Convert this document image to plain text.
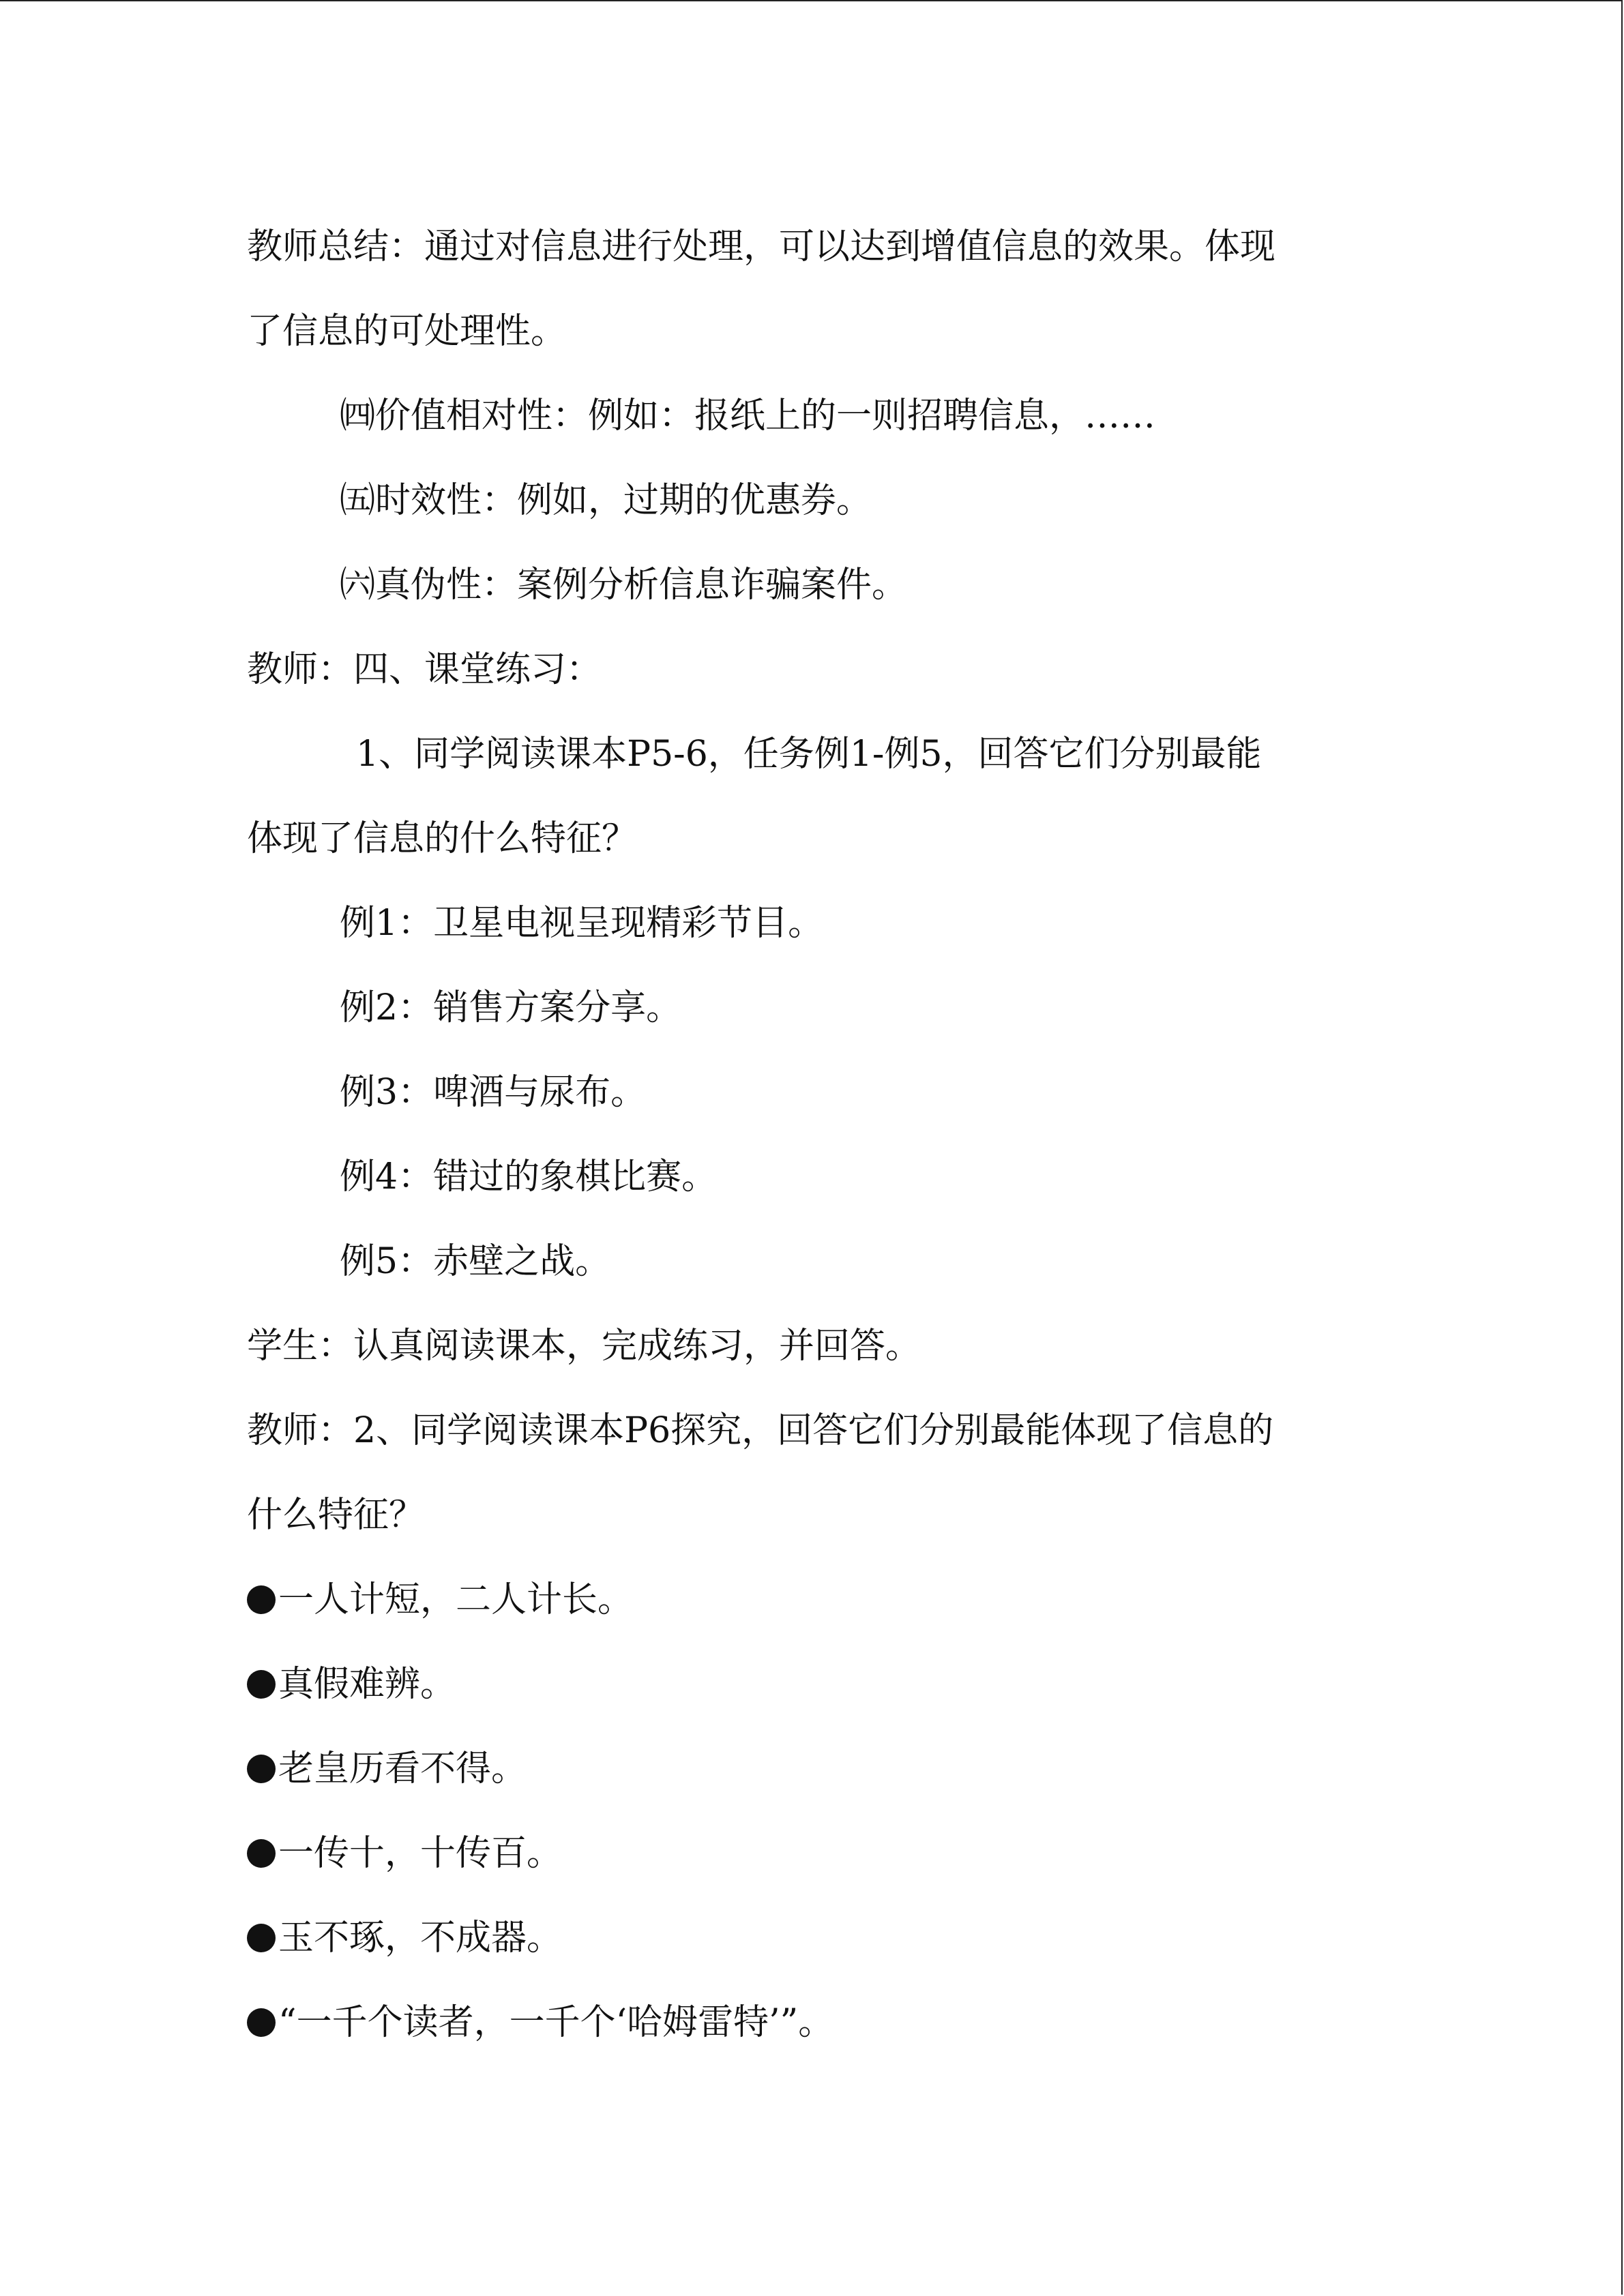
教师总结：通过对信息进行处理，可以达到增值信息的效果。体现
了信息的可处理性。
㈣价值相对性：例如：报纸上的一则招聘信息，……
㈤时效性：例如，过期的优惠券。
㈥真伪性：案例分析信息诈骗案件。
教师：四、课堂练习：
1、同学阅读课本P5-6，任务例1-例5，回答它们分别最能
体现了信息的什么特征？
例1：卫星电视呈现精彩节目。
例2：销售方案分享。
例3：啤酒与尿布。
例4：错过的象棋比赛。
例5：赤壁之战。
学生：认真阅读课本，完成练习，并回答。
教师：2、同学阅读课本P6探究，回答它们分别最能体现了信息的
什么特征？
一人计短，二人计长。
真假难辨。
老皇历看不得。
一传十，十传百。
玉不琢，不成器。
“一千个读者，一千个‘哈姆雷特’”。
